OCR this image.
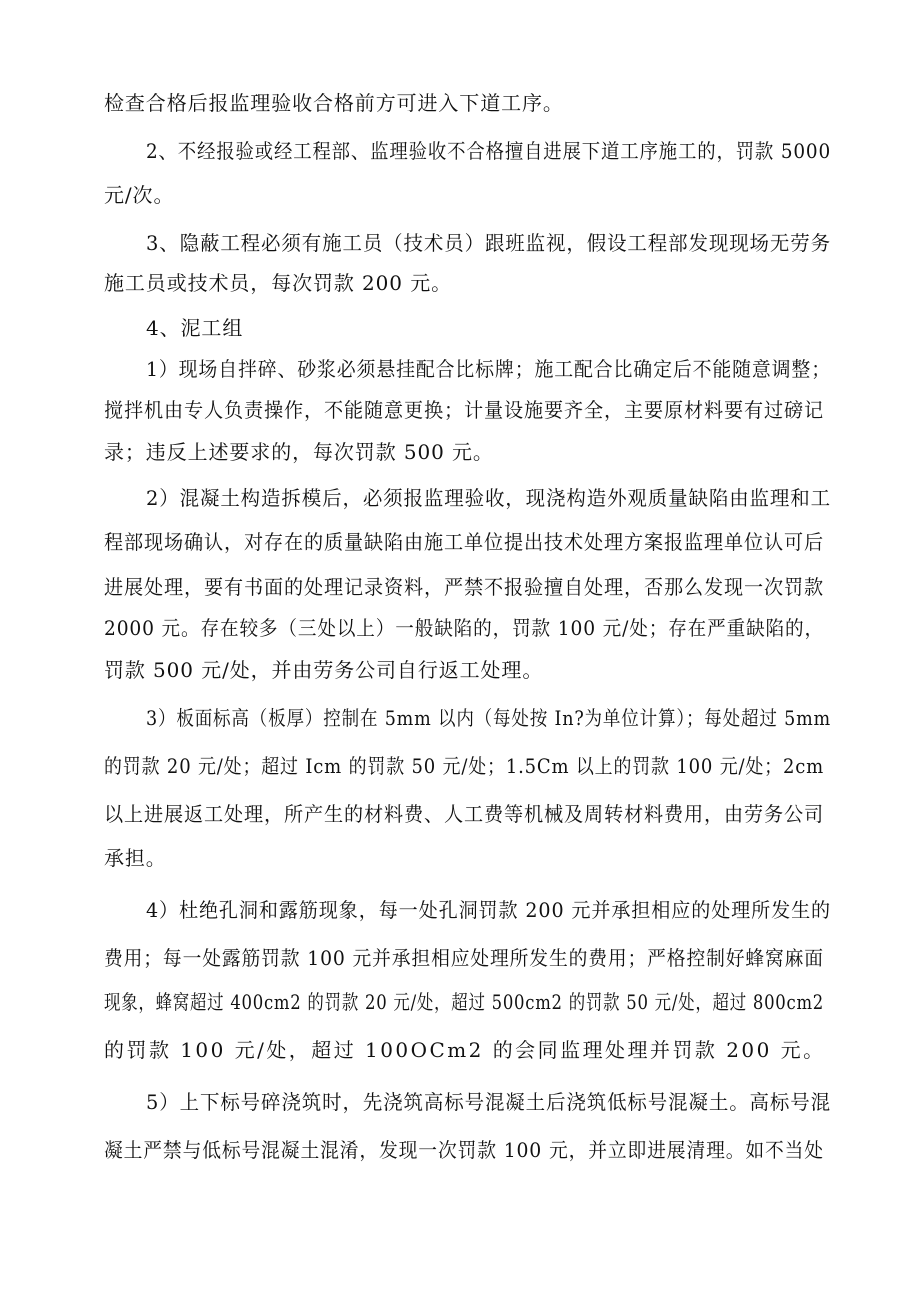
检查合格后报监理验收合格前方可进入下道工序。
2、不经报验或经工程部、监理验收不合格擅自进展下道工序施工的，罚款 5000
元/次。
3、隐蔽工程必须有施工员（技术员）跟班监视，假设工程部发现现场无劳务
施工员或技术员，每次罚款 200 元。
4、泥工组
1）现场自拌碎、砂浆必须悬挂配合比标牌；施工配合比确定后不能随意调整；
搅拌机由专人负责操作，不能随意更换；计量设施要齐全，主要原材料要有过磅记
录；违反上述要求的，每次罚款 500 元。
2）混凝土构造拆模后，必须报监理验收，现浇构造外观质量缺陷由监理和工
程部现场确认，对存在的质量缺陷由施工单位提出技术处理方案报监理单位认可后
进展处理，要有书面的处理记录资料，严禁不报验擅自处理，否那么发现一次罚款
2000 元。存在较多（三处以上）一般缺陷的，罚款 100 元/处；存在严重缺陷的，
罚款 500 元/处，并由劳务公司自行返工处理。
3）板面标高（板厚）控制在 5mm 以内（每处按 In?为单位计算）；每处超过 5mm
的罚款 20 元/处；超过 Icm 的罚款 50 元/处；1.5Cm 以上的罚款 100 元/处；2cm
以上进展返工处理，所产生的材料费、人工费等机械及周转材料费用，由劳务公司
承担。
4）杜绝孔洞和露筋现象，每一处孔洞罚款 200 元并承担相应的处理所发生的
费用；每一处露筋罚款 100 元并承担相应处理所发生的费用；严格控制好蜂窝麻面
现象，蜂窝超过 400cm2 的罚款 20 元/处，超过 500cm2 的罚款 50 元/处，超过 800cm2
的罚款 100 元/处，超过 100OCm2 的会同监理处理并罚款 200 元。
5）上下标号碎浇筑时，先浇筑高标号混凝土后浇筑低标号混凝土。高标号混
凝土严禁与低标号混凝土混淆，发现一次罚款 100 元，并立即进展清理。如不当处
